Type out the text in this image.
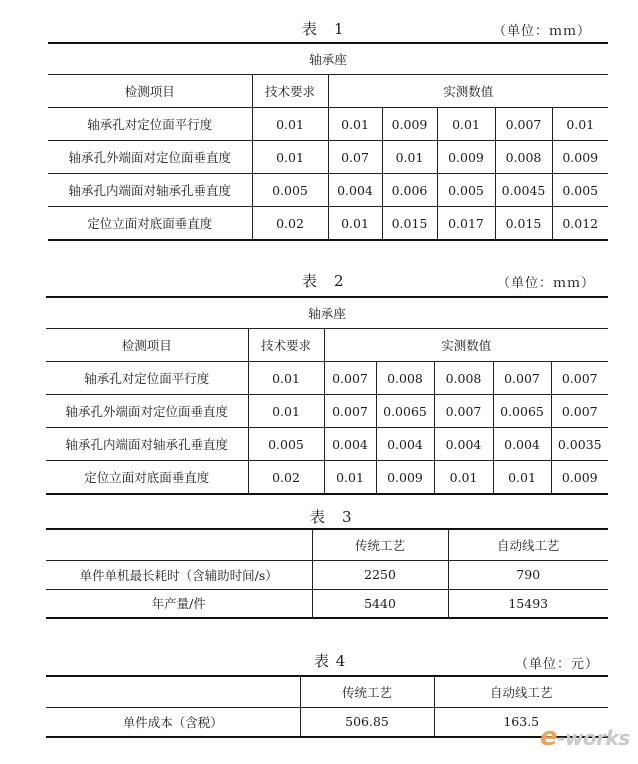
表　1	（单位：ｍｍ）
轴承座						
检测项目	技术要求	实测数值				
轴承孔对定位面平行度	0.01	0.01	0.009	0.01	0.007	0.01
轴承孔外端面对定位面垂直度	0.01	0.07	0.01	0.009	0.008	0.009
轴承孔内端面对轴承孔垂直度	0.005	0.004	0.006	0.005	0.0045	0.005
定位立面对底面垂直度	0.02	0.01	0.015	0.017	0.015	0.012
表　2	（单位：ｍｍ）
轴承座						
检测项目	技术要求	实测数值				
轴承孔对定位面平行度	0.01	0.007	0.008	0.008	0.007	0.007
轴承孔外端面对定位面垂直度	0.01	0.007	0.0065	0.007	0.0065	0.007
轴承孔内端面对轴承孔垂直度	0.005	0.004	0.004	0.004	0.004	0.0035
定位立面对底面垂直度	0.02	0.01	0.009	0.01	0.01	0.009
表　3
	传统工艺	自动线工艺
单件单机最长耗时（含辅助时间/s）	2250	790
年产量/件	5440	15493
表 4	（单位：元）
	传统工艺	自动线工艺
单件成本（含税）	506.85	163.5
e-works
